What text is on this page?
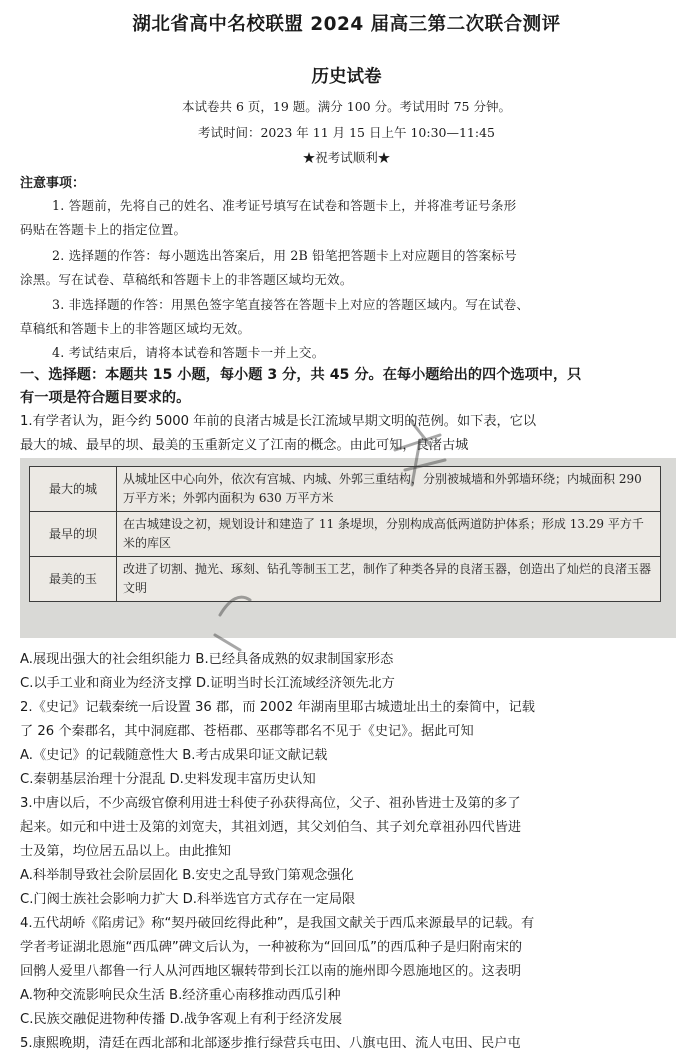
湖北省高中名校联盟 2024 届高三第二次联合测评
历史试卷
本试卷共 6 页，19 题。满分 100 分。考试用时 75 分钟。
考试时间：2023 年 11 月 15 日上午 10:30—11:45
★祝考试顺利★
注意事项：
1. 答题前，先将自己的姓名、准考证号填写在试卷和答题卡上，并将准考证号条形
码贴在答题卡上的指定位置。
2. 选择题的作答：每小题选出答案后，用 2B 铅笔把答题卡上对应题目的答案标号
涂黑。写在试卷、草稿纸和答题卡上的非答题区域均无效。
3. 非选择题的作答：用黑色签字笔直接答在答题卡上对应的答题区域内。写在试卷、
草稿纸和答题卡上的非答题区域均无效。
4. 考试结束后，请将本试卷和答题卡一并上交。
一、选择题：本题共 15 小题，每小题 3 分，共 45 分。在每小题给出的四个选项中，只
有一项是符合题目要求的。
1.有学者认为，距今约 5000 年前的良渚古城是长江流域早期文明的范例。如下表，它以
最大的城、最早的坝、最美的玉重新定义了江南的概念。由此可知，良渚古城
最大的城	从城址区中心向外，依次有宫城、内城、外郭三重结构，分别被城墙和外郭墙环绕；内城面积 290 万平方米；外郭内面积为 630 万平方米
最早的坝	在古城建设之初，规划设计和建造了 11 条堤坝，分别构成高低两道防护体系；形成 13.29 平方千米的库区
最美的玉	改进了切割、抛光、琢刻、钻孔等制玉工艺，制作了种类各异的良渚玉器，创造出了灿烂的良渚玉器文明
A.展现出强大的社会组织能力 B.已经具备成熟的奴隶制国家形态
C.以手工业和商业为经济支撑 D.证明当时长江流域经济领先北方
2.《史记》记载秦统一后设置 36 郡，而 2002 年湖南里耶古城遗址出土的秦简中，记载
了 26 个秦郡名，其中洞庭郡、苍梧郡、巫郡等郡名不见于《史记》。据此可知
A.《史记》的记载随意性大 B.考古成果印证文献记载
C.秦朝基层治理十分混乱 D.史料发现丰富历史认知
3.中唐以后，不少高级官僚利用进士科使子孙获得高位，父子、祖孙皆进士及第的多了
起来。如元和中进士及第的刘宽夫，其祖刘迺，其父刘伯刍、其子刘允章祖孙四代皆进
士及第，均位居五品以上。由此推知
A.科举制导致社会阶层固化 B.安史之乱导致门第观念强化
C.门阀士族社会影响力扩大 D.科举选官方式存在一定局限
4.五代胡峤《陷虏记》称“契丹破回纥得此种”，是我国文献关于西瓜来源最早的记载。有
学者考证湖北恩施“西瓜碑”碑文后认为，一种被称为“回回瓜”的西瓜种子是归附南宋的
回鹘人爱里八都鲁一行人从河西地区辗转带到长江以南的施州即今恩施地区的。这表明
A.物种交流影响民众生活 B.经济重心南移推动西瓜引种
C.民族交融促进物种传播 D.战争客观上有利于经济发展
5.康熙晚期，清廷在西北部和北部逐步推行绿营兵屯田、八旗屯田、流人屯田、民户屯
